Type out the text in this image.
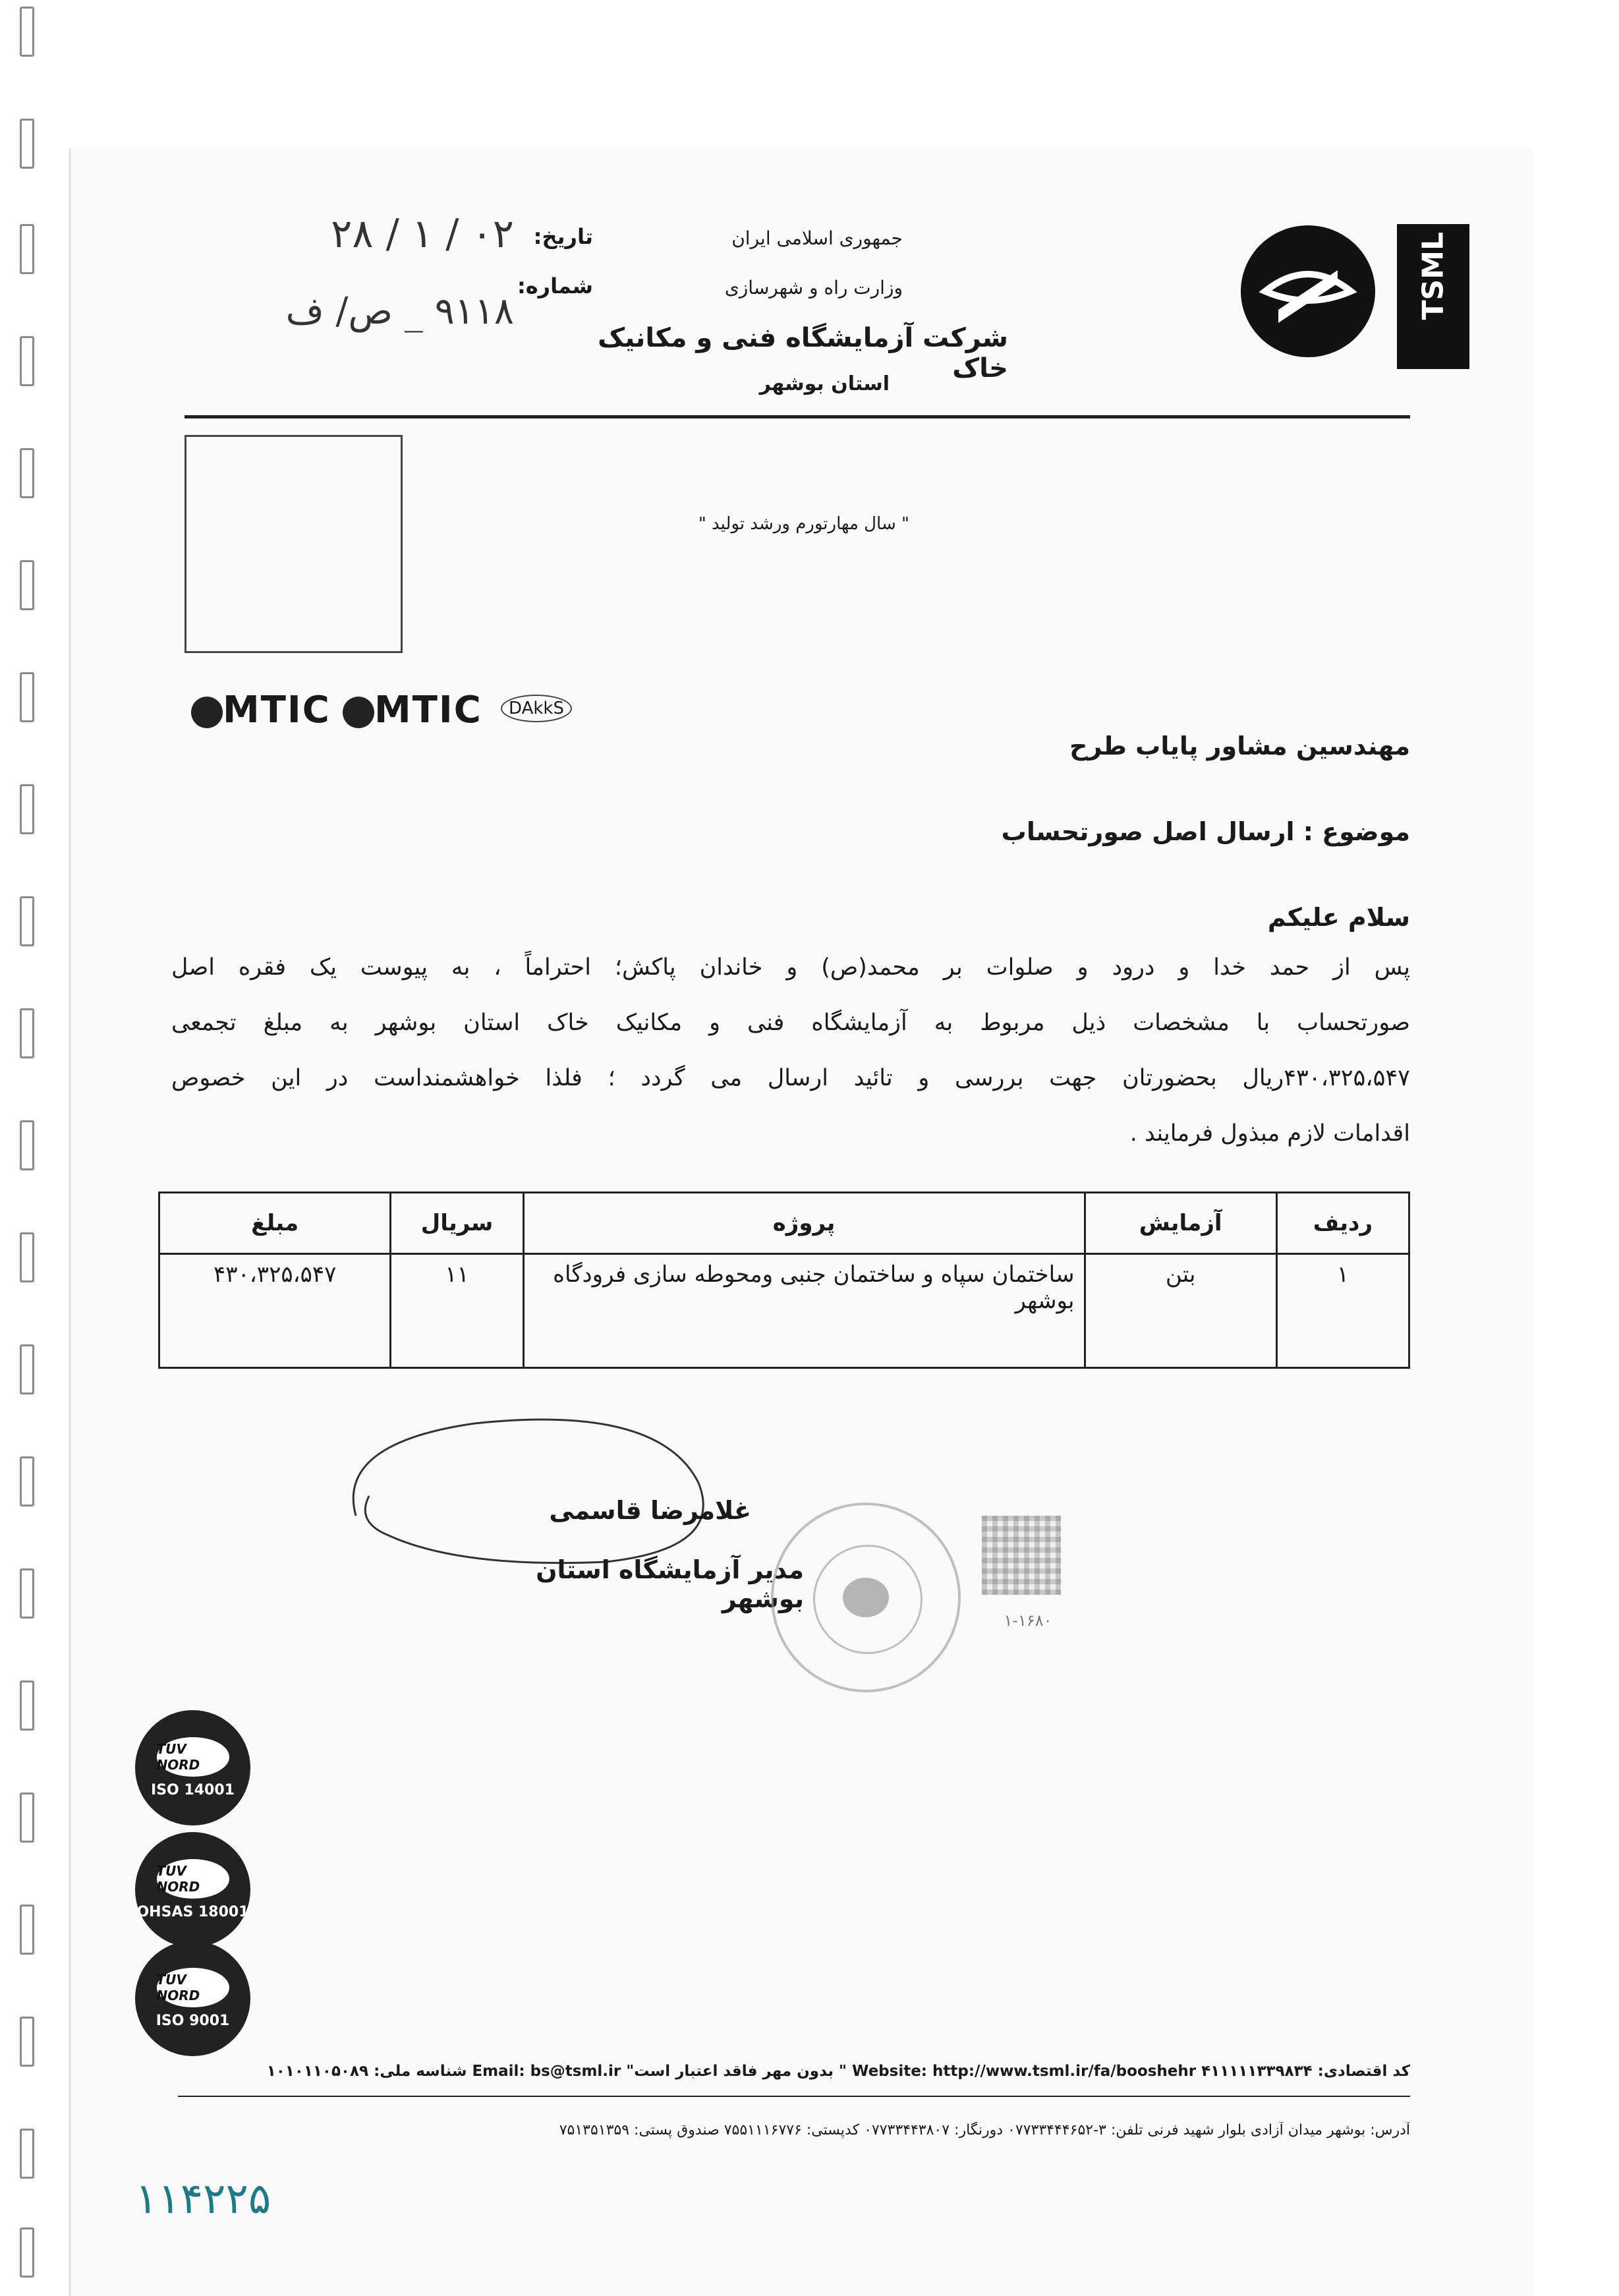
TSML
جمهوری اسلامی ایران
وزارت راه و شهرسازی
شرکت آزمایشگاه فنی و مکانیک خاک
استان بوشهر
تاریخ:
۰۲ / ۱ / ۲۸
شماره:
۹۱۱۸ _ ص/ ف
" سال مهارتورم ورشد تولید "
MTIC	MTIC	DAkkS
مهندسین مشاور پایاب طرح
موضوع : ارسال اصل صورتحساب
سلام علیکم
پس از حمد خدا و درود و صلوات بر محمد(ص) و خاندان پاکش؛ احتراماً ، به پیوست یک فقره اصل
صورتحساب با مشخصات ذیل مربوط به آزمایشگاه فنی و مکانیک خاک استان بوشهر به مبلغ تجمعی
۴۳۰،۳۲۵،۵۴۷ریال بحضورتان جهت بررسی و تائید ارسال می گردد ؛ فلذا خواهشمنداست در این خصوص
اقدامات لازم مبذول فرمایند .
ردیف	آزمایش	پروژه	سریال	مبلغ
۱	بتن	ساختمان سپاه و ساختمان جنبی ومحوطه سازی فرودگاه بوشهر	۱۱	۴۳۰،۳۲۵،۵۴۷
غلامرضا قاسمی
مدیر آزمایشگاه استان بوشهر
۱-۱۶۸۰
TUV NORD
ISO 14001
TUV NORD
OHSAS 18001
TUV NORD
ISO 9001
کد اقتصادی: ۴۱۱۱۱۱۳۳۹۸۳۴ Website: http://www.tsml.ir/fa/booshehr " بدون مهر فاقد اعتبار است" Email: bs@tsml.ir شناسه ملی: ۱۰۱۰۱۱۰۵۰۸۹
آدرس: بوشهر میدان آزادی بلوار شهید فرنی تلفن: ۳-۰۷۷۳۳۴۴۴۶۵۲ دورنگار: ۰۷۷۳۳۴۴۳۸۰۷ کدپستی: ۷۵۵۱۱۱۶۷۷۶ صندوق پستی: ۷۵۱۳۵۱۳۵۹
۱۱۴۲۲۵
